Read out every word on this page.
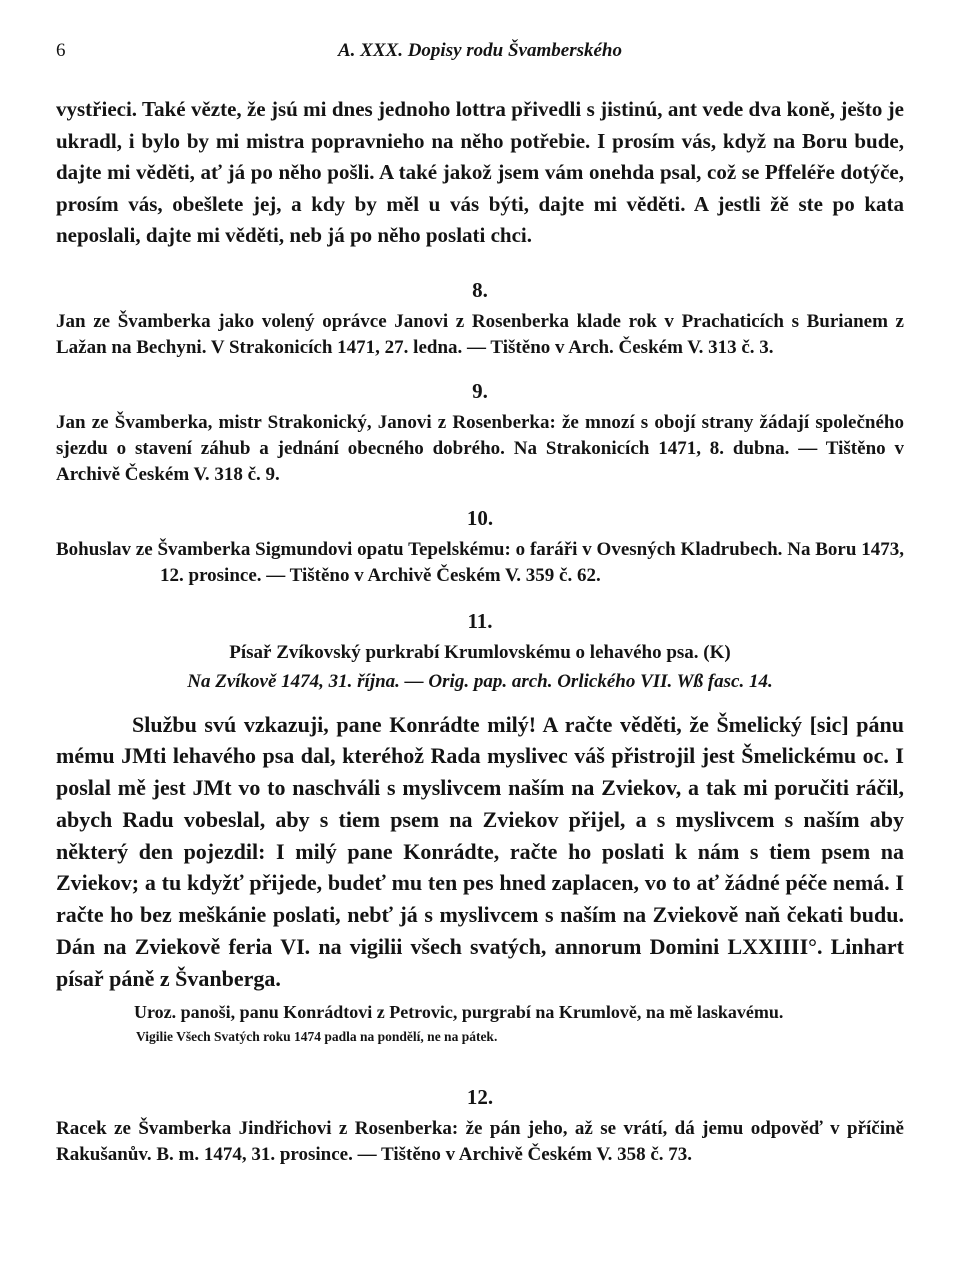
6	A. XXX. Dopisy rodu Švamberského

vystřieci. Také vězte, že jsú mi dnes jednoho lottra přivedli s jistinú, ant vede dva koně, ješto je ukradl, i bylo by mi mistra popravnieho na něho potřebie. I prosím vás, když na Boru bude, dajte mi věděti, ať já po něho pošli. A také jakož jsem vám onehda psal, což se Pffeléře dotýče, prosím vás, obešlete jej, a kdy by měl u vás býti, dajte mi věděti. A jestli žě ste po kata neposlali, dajte mi věděti, neb já po něho poslati chci.

8.

Jan ze Švamberka jako volený oprávce Janovi z Rosenberka klade rok v Prachaticích s Burianem z Lažan na Bechyni. V Strakonicích 1471, 27. ledna. — Tištěno v Arch. Českém V. 313 č. 3.

9.

Jan ze Švamberka, mistr Strakonický, Janovi z Rosenberka: že mnozí s obojí strany žádají společného sjezdu o stavení záhub a jednání obecného dobrého. Na Strakonicích 1471, 8. dubna. — Tištěno v Archivě Českém V. 318 č. 9.

10.

Bohuslav ze Švamberka Sigmundovi opatu Tepelskému: o faráři v Ovesných Kladrubech. Na Boru 1473, 12. prosince. — Tištěno v Archivě Českém V. 359 č. 62.

11.

Písař Zvíkovský purkrabí Krumlovskému o lehavého psa. (K)

Na Zvíkově 1474, 31. října. — Orig. pap. arch. Orlického VII. Wß fasc. 14.

Službu svú vzkazuji, pane Konrádte milý! A račte věděti, že Šmelický [sic] pánu mému JMti lehavého psa dal, kteréhož Rada myslivec váš přistrojil jest Šmelickému oc. I poslal mě jest JMt vo to naschváli s myslivcem naším na Zviekov, a tak mi poručiti ráčil, abych Radu vobeslal, aby s tiem psem na Zviekov přijel, a s myslivcem s naším aby některý den pojezdil: I milý pane Konrádte, račte ho poslati k nám s tiem psem na Zviekov; a tu kdyžť přijede, budeť mu ten pes hned zaplacen, vo to ať žádné péče nemá. I račte ho bez meškánie poslati, nebť já s myslivcem s naším na Zviekově naň čekati budu. Dán na Zviekově feria VI. na vigilii všech svatých, annorum Domini LXXIIII°. Linhart písař páně z Švanberga.

Uroz. panoši, panu Konrádtovi z Petrovic, purgrabí na Krumlově, na mě laskavému.

Vigilie Všech Svatých roku 1474 padla na pondělí, ne na pátek.

12.

Racek ze Švamberka Jindřichovi z Rosenberka: že pán jeho, až se vrátí, dá jemu odpověď v příčině Rakušanův. B. m. 1474, 31. prosince. — Tištěno v Archivě Českém V. 358 č. 73.
